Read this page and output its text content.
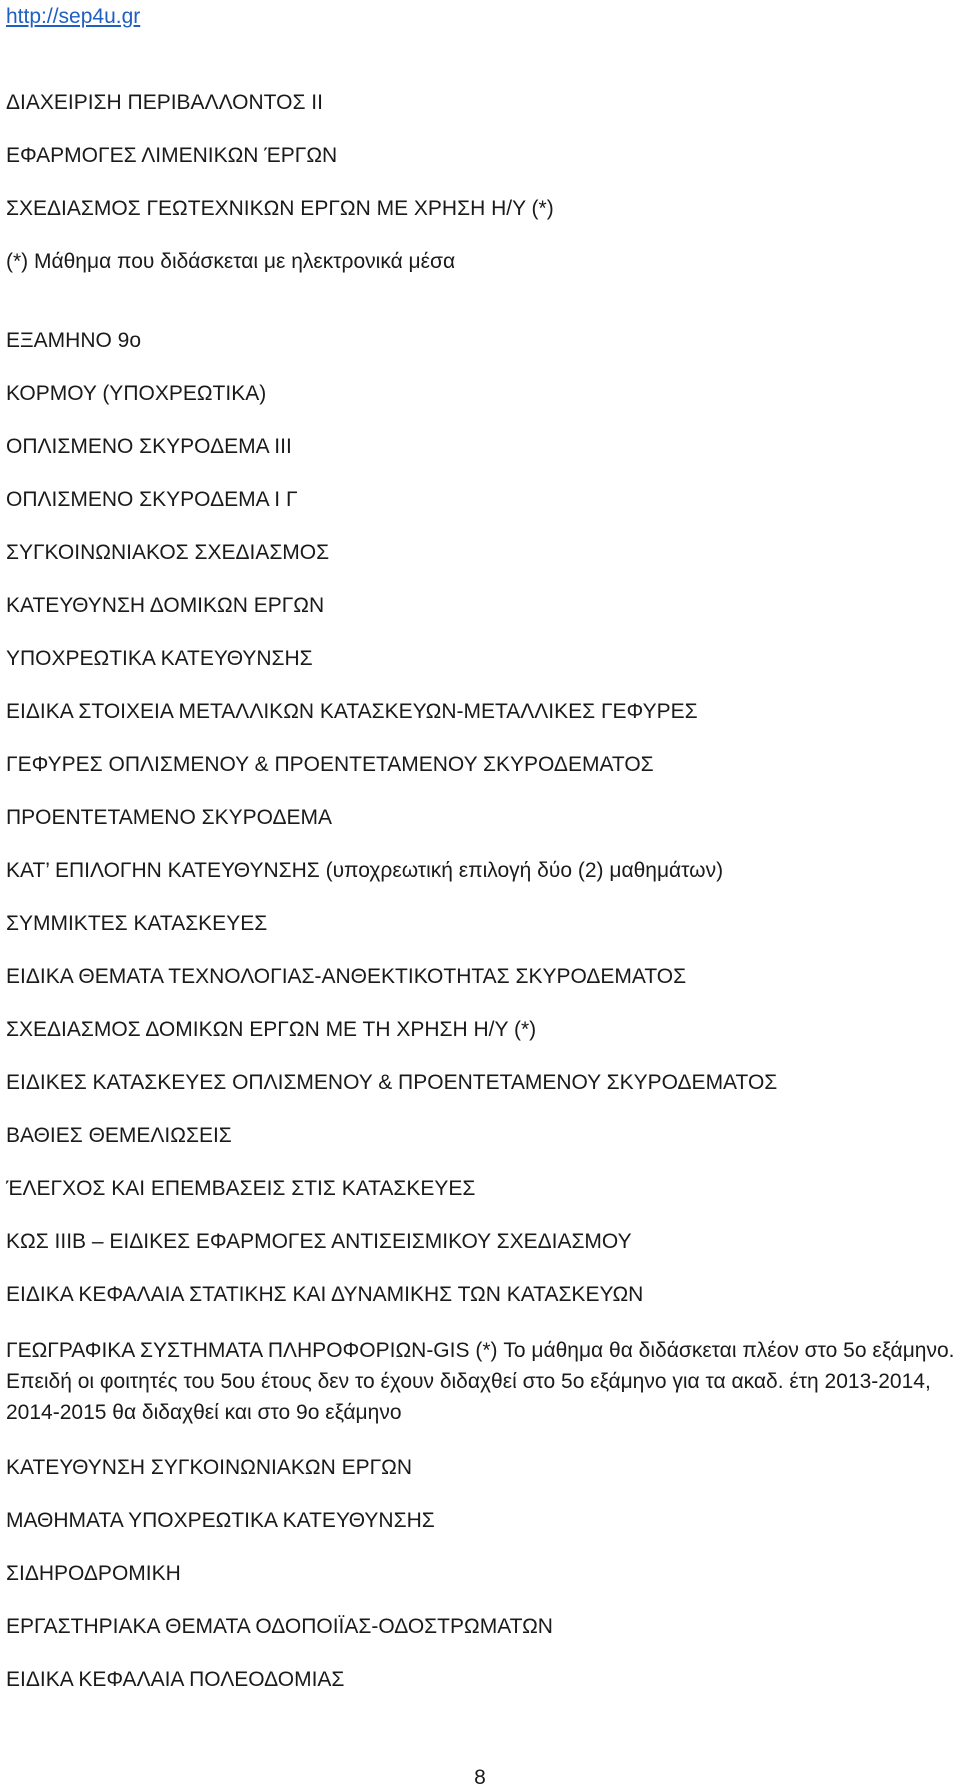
http://sep4u.gr
ΔΙΑΧΕΙΡΙΣΗ ΠΕΡΙΒΑΛΛΟΝΤΟΣ ΙΙ
ΕΦΑΡΜΟΓΕΣ ΛΙΜΕΝΙΚΩΝ ΈΡΓΩΝ
ΣΧΕΔΙΑΣΜΟΣ ΓΕΩΤΕΧΝΙΚΩΝ ΕΡΓΩΝ ΜΕ ΧΡΗΣΗ Η/Υ (*)
(*) Μάθημα που διδάσκεται με ηλεκτρονικά μέσα
ΕΞΑΜΗΝΟ 9ο
ΚΟΡΜΟΥ (ΥΠΟΧΡΕΩΤΙΚΑ)
ΟΠΛΙΣΜΕΝΟ ΣΚΥΡΟΔΕΜΑ ΙΙΙ
ΟΠΛΙΣΜΕΝΟ ΣΚΥΡΟΔΕΜΑ Ι Γ
ΣΥΓΚΟΙΝΩΝΙΑΚΟΣ ΣΧΕΔΙΑΣΜΟΣ
ΚΑΤΕΥΘΥΝΣΗ ΔΟΜΙΚΩΝ ΕΡΓΩΝ
ΥΠΟΧΡΕΩΤΙΚΑ ΚΑΤΕΥΘΥΝΣΗΣ
ΕΙΔΙΚΑ ΣΤΟΙΧΕΙΑ ΜΕΤΑΛΛΙΚΩΝ ΚΑΤΑΣΚΕΥΩΝ-ΜΕΤΑΛΛΙΚΕΣ ΓΕΦΥΡΕΣ
ΓΕΦΥΡΕΣ ΟΠΛΙΣΜΕΝΟΥ & ΠΡΟΕΝΤΕΤΑΜΕΝΟΥ ΣΚΥΡΟΔΕΜΑΤΟΣ
ΠΡΟΕΝΤΕΤΑΜΕΝΟ ΣΚΥΡΟΔΕΜΑ
ΚΑΤ’ ΕΠΙΛΟΓΗΝ ΚΑΤΕΥΘΥΝΣΗΣ (υποχρεωτική επιλογή δύο (2) μαθημάτων)
ΣΥΜΜΙΚΤΕΣ ΚΑΤΑΣΚΕΥΕΣ
ΕΙΔΙΚΑ ΘΕΜΑΤΑ ΤΕΧΝΟΛΟΓΙΑΣ-ΑΝΘΕΚΤΙΚΟΤΗΤΑΣ ΣΚΥΡΟΔΕΜΑΤΟΣ
ΣΧΕΔΙΑΣΜΟΣ ΔΟΜΙΚΩΝ ΕΡΓΩΝ ΜΕ ΤΗ ΧΡΗΣΗ Η/Υ (*)
ΕΙΔΙΚΕΣ ΚΑΤΑΣΚΕΥΕΣ ΟΠΛΙΣΜΕΝΟΥ & ΠΡΟΕΝΤΕΤΑΜΕΝΟΥ ΣΚΥΡΟΔΕΜΑΤΟΣ
ΒΑΘΙΕΣ ΘΕΜΕΛΙΩΣΕΙΣ
ΈΛΕΓΧΟΣ ΚΑΙ ΕΠΕΜΒΑΣΕΙΣ ΣΤΙΣ ΚΑΤΑΣΚΕΥΕΣ
ΚΩΣ ΙΙΙΒ – ΕΙΔΙΚΕΣ ΕΦΑΡΜΟΓΕΣ ΑΝΤΙΣΕΙΣΜΙΚΟΥ ΣΧΕΔΙΑΣΜΟΥ
ΕΙΔΙΚΑ ΚΕΦΑΛΑΙΑ ΣΤΑΤΙΚΗΣ ΚΑΙ ΔΥΝΑΜΙΚΗΣ ΤΩΝ ΚΑΤΑΣΚΕΥΩΝ
ΓΕΩΓΡΑΦΙΚΑ ΣΥΣΤΗΜΑΤΑ ΠΛΗΡΟΦΟΡΙΩΝ-GIS (*) Το μάθημα θα διδάσκεται πλέον στο 5ο εξάμηνο. Επειδή οι φοιτητές του 5ου έτους δεν το έχουν διδαχθεί στο 5ο εξάμηνο για τα ακαδ. έτη 2013-2014, 2014-2015 θα διδαχθεί και στο 9ο εξάμηνο
ΚΑΤΕΥΘΥΝΣΗ ΣΥΓΚΟΙΝΩΝΙΑΚΩΝ ΕΡΓΩΝ
ΜΑΘΗΜΑΤΑ ΥΠΟΧΡΕΩΤΙΚΑ ΚΑΤΕΥΘΥΝΣΗΣ
ΣΙΔΗΡΟΔΡΟΜΙΚΗ
ΕΡΓΑΣΤΗΡΙΑΚΑ ΘΕΜΑΤΑ ΟΔΟΠΟΙΪΑΣ-ΟΔΟΣΤΡΩΜΑΤΩΝ
ΕΙΔΙΚΑ ΚΕΦΑΛΑΙΑ ΠΟΛΕΟΔΟΜΙΑΣ
8
